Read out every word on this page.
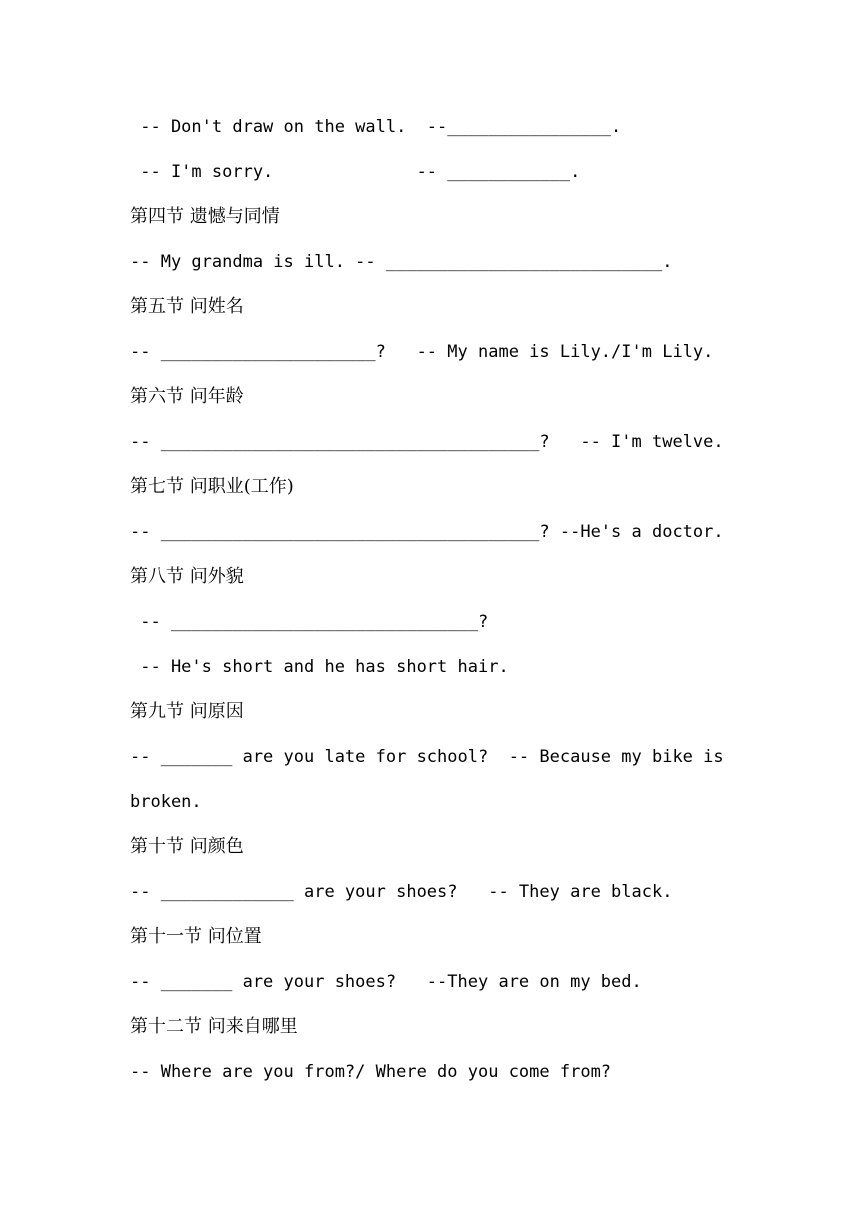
-- Don't draw on the wall.  --________________.
-- I'm sorry.              -- ____________.
第四节 遗憾与同情
-- My grandma is ill. -- ___________________________.
第五节 问姓名
-- _____________________?   -- My name is Lily./I'm Lily.
第六节 问年龄
-- _____________________________________?   -- I'm twelve.
第七节 问职业(工作)
-- _____________________________________? --He's a doctor.
第八节 问外貌
-- ______________________________?
-- He's short and he has short hair.
第九节 问原因
-- _______ are you late for school?  -- Because my bike is
broken.
第十节 问颜色
-- _____________ are your shoes?   -- They are black.
第十一节 问位置
-- _______ are your shoes?   --They are on my bed.
第十二节 问来自哪里
-- Where are you from?/ Where do you come from?
